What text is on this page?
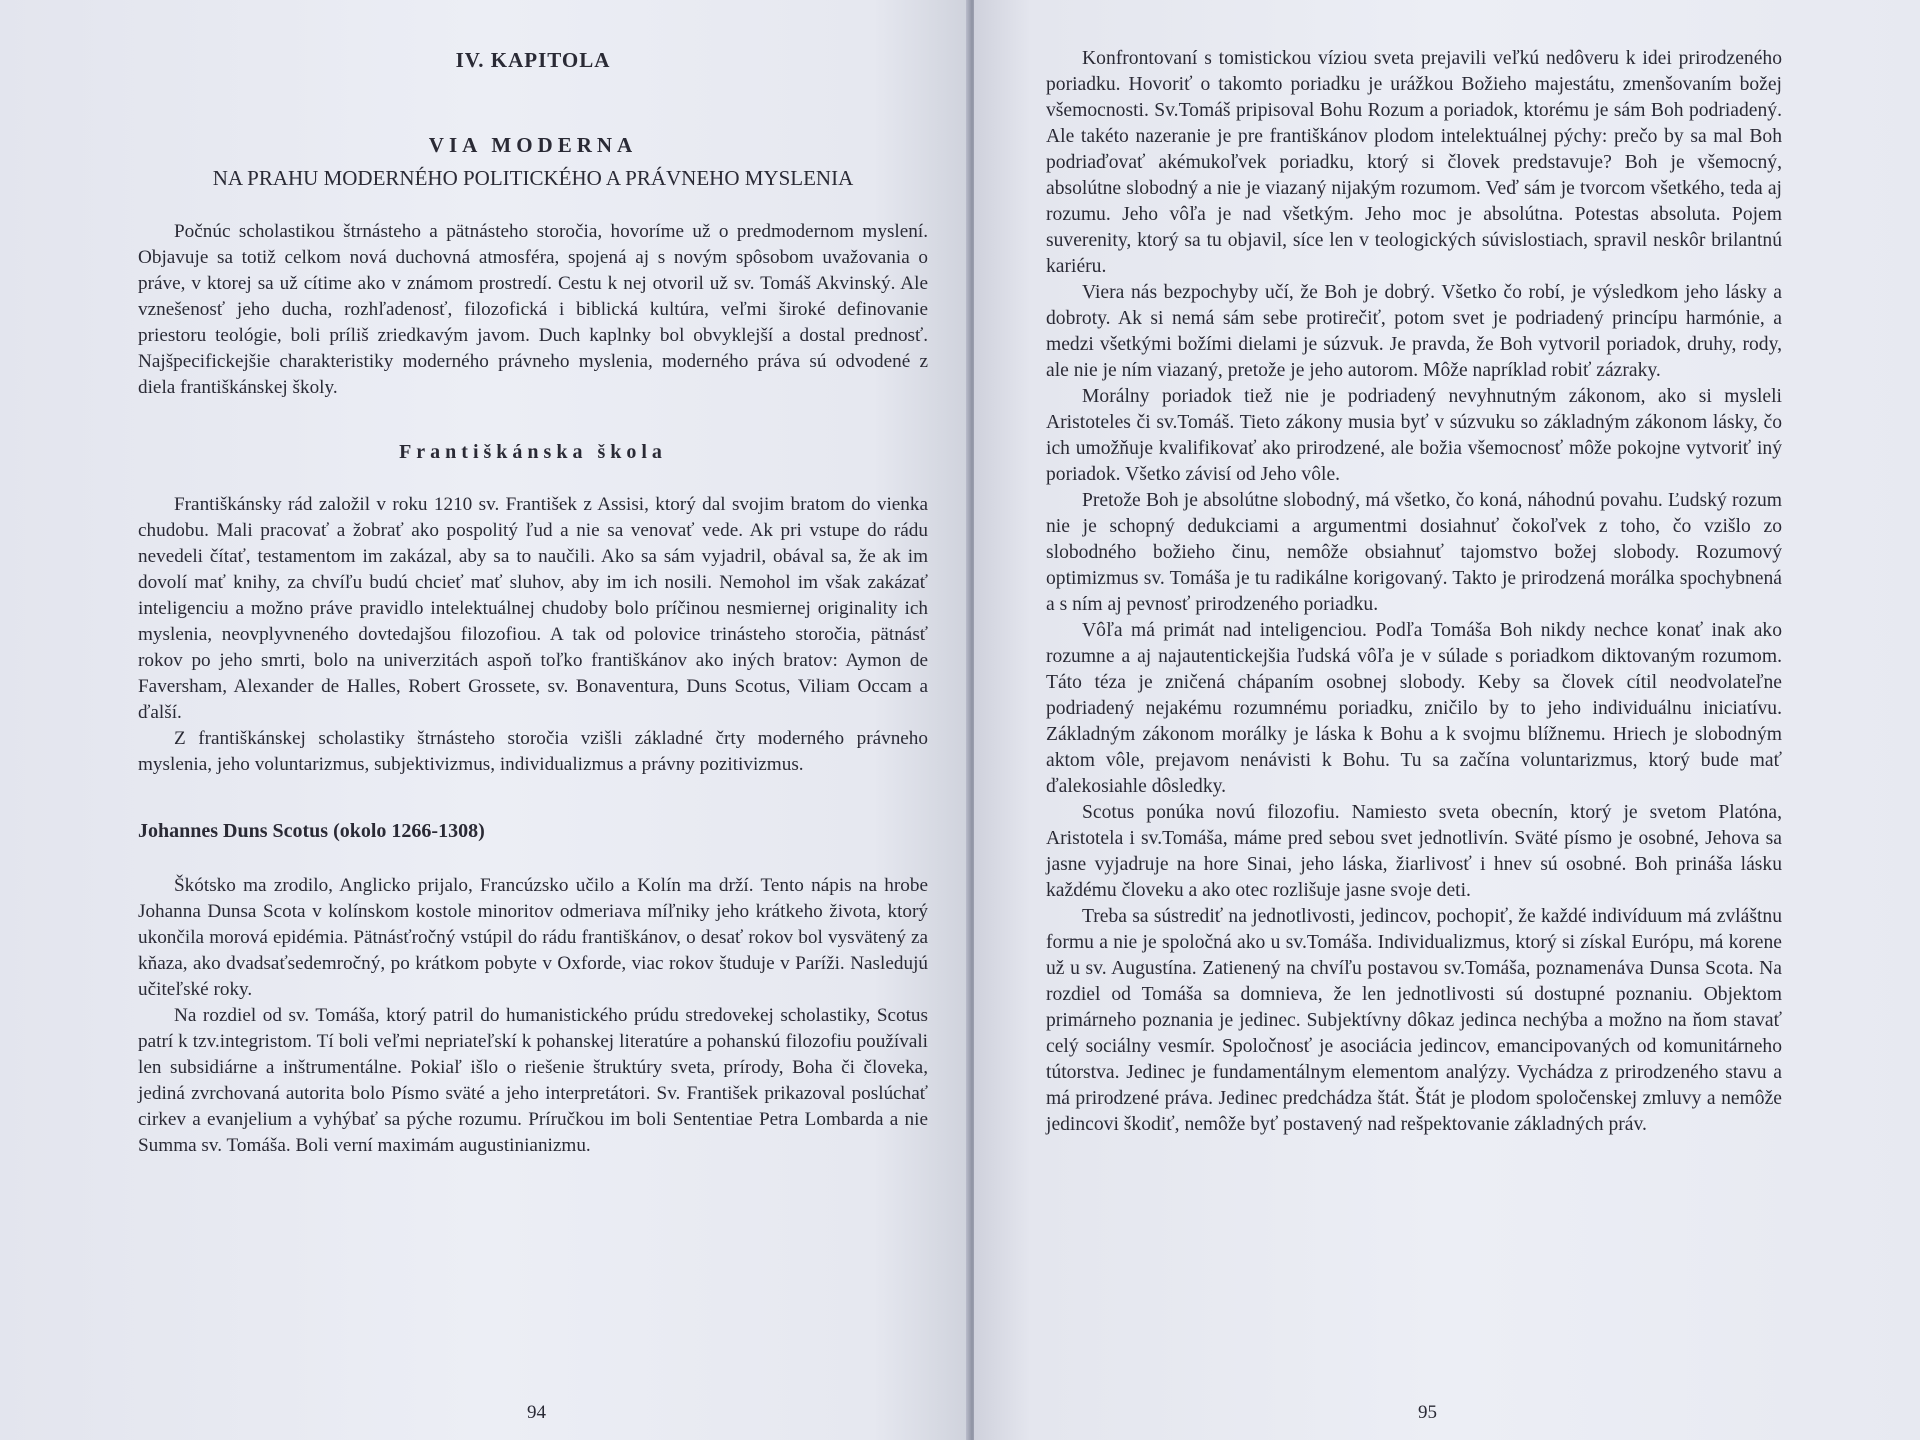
IV. KAPITOLA
VIA MODERNA
NA PRAHU MODERNÉHO POLITICKÉHO A PRÁVNEHO MYSLENIA

Počnúc scholastikou štrnásteho a pätnásteho storočia, hovoríme už o predmodernom myslení. Objavuje sa totiž celkom nová duchovná atmosféra, spojená aj s novým spôsobom uvažovania o práve, v ktorej sa už cítime ako v známom prostredí. Cestu k nej otvoril už sv. Tomáš Akvinský. Ale vznešenosť jeho ducha, rozhľadenosť, filozofická i biblická kultúra, veľmi široké definovanie priestoru teológie, boli príliš zriedkavým javom. Duch kaplnky bol obvyklejší a dostal prednosť. Najšpecifickejšie charakteristiky moderného právneho myslenia, moderného práva sú odvodené z diela františkánskej školy.

Františkánska škola

Františkánsky rád založil v roku 1210 sv. František z Assisi, ktorý dal svojim bratom do vienka chudobu. Mali pracovať a žobrať ako pospolitý ľud a nie sa venovať vede. Ak pri vstupe do rádu nevedeli čítať, testamentom im zakázal, aby sa to naučili. Ako sa sám vyjadril, obával sa, že ak im dovolí mať knihy, za chvíľu budú chcieť mať sluhov, aby im ich nosili. Nemohol im však zakázať inteligenciu a možno práve pravidlo intelektuálnej chudoby bolo príčinou nesmiernej originality ich myslenia, neovplyvneného dovtedajšou filozofiou. A tak od polovice trinásteho storočia, pätnásť rokov po jeho smrti, bolo na univerzitách aspoň toľko františkánov ako iných bratov: Aymon de Faversham, Alexander de Halles, Robert Grossete, sv. Bonaventura, Duns Scotus, Viliam Occam a ďalší.

Z františkánskej scholastiky štrnásteho storočia vzišli základné črty moderného právneho myslenia, jeho voluntarizmus, subjektivizmus, individualizmus a právny pozitivizmus.

Johannes Duns Scotus (okolo 1266-1308)

Škótsko ma zrodilo, Anglicko prijalo, Francúzsko učilo a Kolín ma drží. Tento nápis na hrobe Johanna Dunsa Scota v kolínskom kostole minoritov odmeriava míľniky jeho krátkeho života, ktorý ukončila morová epidémia. Pätnásťročný vstúpil do rádu františkánov, o desať rokov bol vysvätený za kňaza, ako dvadsaťsedemročný, po krátkom pobyte v Oxforde, viac rokov študuje v Paríži. Nasledujú učiteľské roky.

Na rozdiel od sv. Tomáša, ktorý patril do humanistického prúdu stredovekej scholastiky, Scotus patrí k tzv.integristom. Tí boli veľmi nepriateľskí k pohanskej literatúre a pohanskú filozofiu používali len subsidiárne a inštrumentálne. Pokiaľ išlo o riešenie štruktúry sveta, prírody, Boha či človeka, jediná zvrchovaná autorita bolo Písmo sväté a jeho interpretátori. Sv. František prikazoval poslúchať cirkev a evanjelium a vyhýbať sa pýche rozumu. Príručkou im boli Sententiae Petra Lombarda a nie Summa sv. Tomáša. Boli verní maximám augustinianizmu.

94

Konfrontovaní s tomistickou víziou sveta prejavili veľkú nedôveru k idei prirodzeného poriadku. Hovoriť o takomto poriadku je urážkou Božieho majestátu, zmenšovaním božej všemocnosti. Sv.Tomáš pripisoval Bohu Rozum a poriadok, ktorému je sám Boh podriadený. Ale takéto nazeranie je pre františkánov plodom intelektuálnej pýchy: prečo by sa mal Boh podriaďovať akémukoľvek poriadku, ktorý si človek predstavuje? Boh je všemocný, absolútne slobodný a nie je viazaný nijakým rozumom. Veď sám je tvorcom všetkého, teda aj rozumu. Jeho vôľa je nad všetkým. Jeho moc je absolútna. Potestas absoluta. Pojem suverenity, ktorý sa tu objavil, síce len v teologických súvislostiach, spravil neskôr brilantnú kariéru.

Viera nás bezpochyby učí, že Boh je dobrý. Všetko čo robí, je výsledkom jeho lásky a dobroty. Ak si nemá sám sebe protirečiť, potom svet je podriadený princípu harmónie, a medzi všetkými božími dielami je súzvuk. Je pravda, že Boh vytvoril poriadok, druhy, rody, ale nie je ním viazaný, pretože je jeho autorom. Môže napríklad robiť zázraky.

Morálny poriadok tiež nie je podriadený nevyhnutným zákonom, ako si mysleli Aristoteles či sv.Tomáš. Tieto zákony musia byť v súzvuku so základným zákonom lásky, čo ich umožňuje kvalifikovať ako prirodzené, ale božia všemocnosť môže pokojne vytvoriť iný poriadok. Všetko závisí od Jeho vôle.

Pretože Boh je absolútne slobodný, má všetko, čo koná, náhodnú povahu. Ľudský rozum nie je schopný dedukciami a argumentmi dosiahnuť čokoľvek z toho, čo vzišlo zo slobodného božieho činu, nemôže obsiahnuť tajomstvo božej slobody. Rozumový optimizmus sv. Tomáša je tu radikálne korigovaný. Takto je prirodzená morálka spochybnená a s ním aj pevnosť prirodzeného poriadku.

Vôľa má primát nad inteligenciou. Podľa Tomáša Boh nikdy nechce konať inak ako rozumne a aj najautentickejšia ľudská vôľa je v súlade s poriadkom diktovaným rozumom. Táto téza je zničená chápaním osobnej slobody. Keby sa človek cítil neodvolateľne podriadený nejakému rozumnému poriadku, zničilo by to jeho individuálnu iniciatívu. Základným zákonom morálky je láska k Bohu a k svojmu blížnemu. Hriech je slobodným aktom vôle, prejavom nenávisti k Bohu. Tu sa začína voluntarizmus, ktorý bude mať ďalekosiahle dôsledky.

Scotus ponúka novú filozofiu. Namiesto sveta obecnín, ktorý je svetom Platóna, Aristotela i sv.Tomáša, máme pred sebou svet jednotlivín. Sväté písmo je osobné, Jehova sa jasne vyjadruje na hore Sinai, jeho láska, žiarlivosť i hnev sú osobné. Boh prináša lásku každému človeku a ako otec rozlišuje jasne svoje deti.

Treba sa sústrediť na jednotlivosti, jedincov, pochopiť, že každé indivíduum má zvláštnu formu a nie je spoločná ako u sv.Tomáša. Individualizmus, ktorý si získal Európu, má korene už u sv. Augustína. Zatienený na chvíľu postavou sv.Tomáša, poznamenáva Dunsa Scota. Na rozdiel od Tomáša sa domnieva, že len jednotlivosti sú dostupné poznaniu. Objektom primárneho poznania je jedinec. Subjektívny dôkaz jedinca nechýba a možno na ňom stavať celý sociálny vesmír. Spoločnosť je asociácia jedincov, emancipovaných od komunitárneho tútorstva. Jedinec je fundamentálnym elementom analýzy. Vychádza z prirodzeného stavu a má prirodzené práva. Jedinec predchádza štát. Štát je plodom spoločenskej zmluvy a nemôže jedincovi škodiť, nemôže byť postavený nad rešpektovanie základných práv.

95
